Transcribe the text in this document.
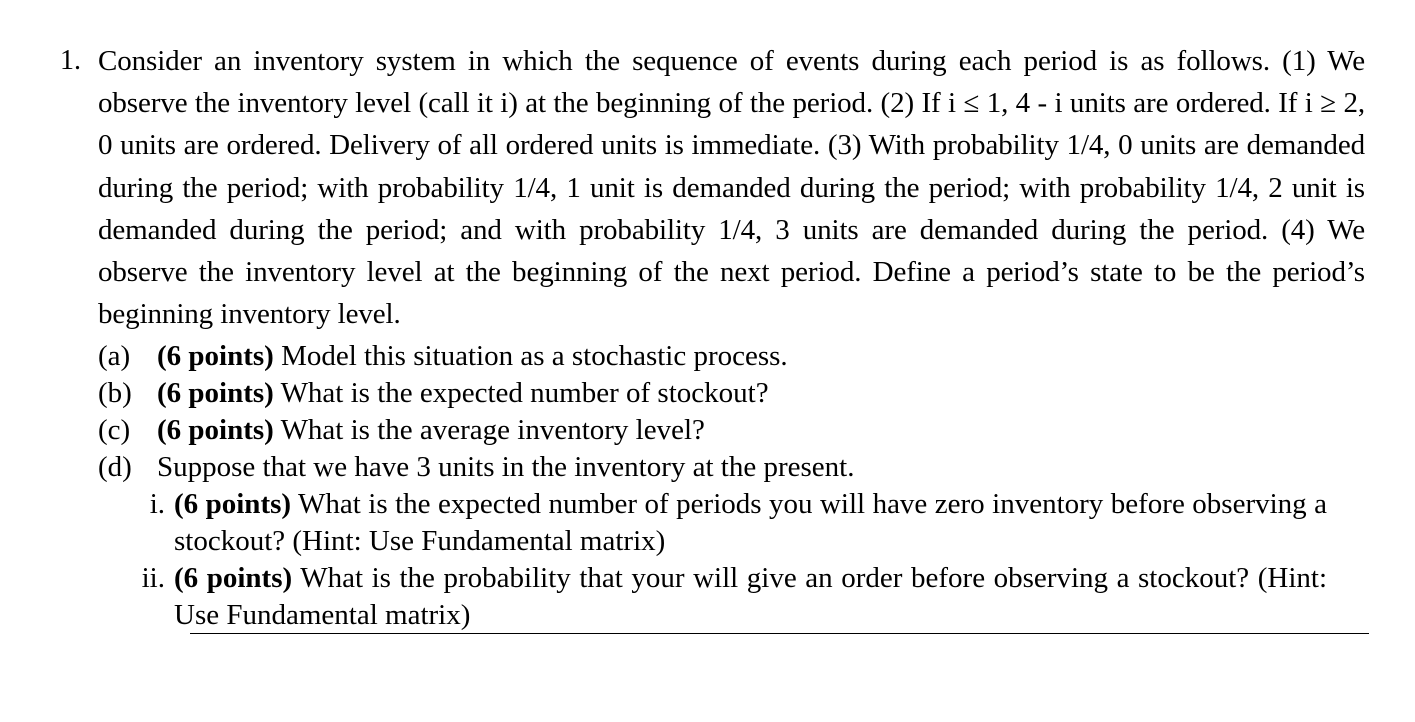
1. Consider an inventory system in which the sequence of events during each period is as follows. (1) We observe the inventory level (call it i) at the beginning of the period. (2) If i ≤ 1, 4 - i units are ordered. If i ≥ 2, 0 units are ordered. Delivery of all ordered units is immediate. (3) With probability 1/4, 0 units are demanded during the period; with probability 1/4, 1 unit is demanded during the period; with probability 1/4, 2 unit is demanded during the period; and with probability 1/4, 3 units are demanded during the period. (4) We observe the inventory level at the beginning of the next period. Define a period’s state to be the period’s beginning inventory level.
(a) (6 points) Model this situation as a stochastic process.
(b) (6 points) What is the expected number of stockout?
(c) (6 points) What is the average inventory level?
(d) Suppose that we have 3 units in the inventory at the present.
i. (6 points) What is the expected number of periods you will have zero inventory before observing a stockout? (Hint: Use Fundamental matrix)
ii. (6 points) What is the probability that your will give an order before observing a stockout? (Hint: Use Fundamental matrix)
